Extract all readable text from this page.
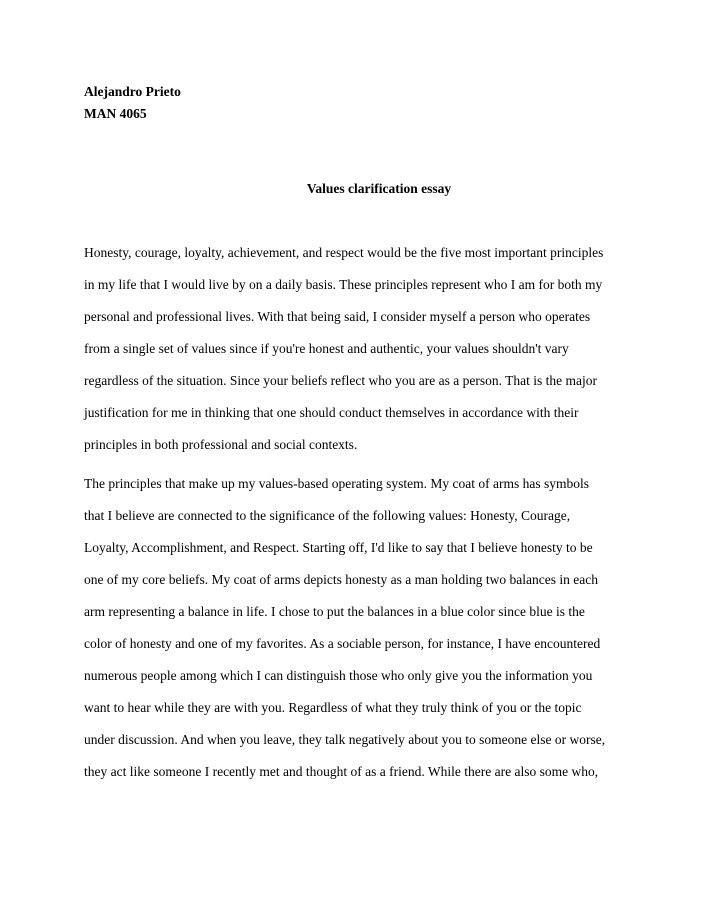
Alejandro Prieto
MAN 4065
Values clarification essay
Honesty, courage, loyalty, achievement, and respect would be the five most important principles
in my life that I would live by on a daily basis. These principles represent who I am for both my
personal and professional lives. With that being said, I consider myself a person who operates
from a single set of values since if you're honest and authentic, your values shouldn't vary
regardless of the situation. Since your beliefs reflect who you are as a person. That is the major
justification for me in thinking that one should conduct themselves in accordance with their
principles in both professional and social contexts.
The principles that make up my values-based operating system. My coat of arms has symbols
that I believe are connected to the significance of the following values: Honesty, Courage,
Loyalty, Accomplishment, and Respect. Starting off, I'd like to say that I believe honesty to be
one of my core beliefs. My coat of arms depicts honesty as a man holding two balances in each
arm representing a balance in life. I chose to put the balances in a blue color since blue is the
color of honesty and one of my favorites. As a sociable person, for instance, I have encountered
numerous people among which I can distinguish those who only give you the information you
want to hear while they are with you. Regardless of what they truly think of you or the topic
under discussion. And when you leave, they talk negatively about you to someone else or worse,
they act like someone I recently met and thought of as a friend. While there are also some who,
